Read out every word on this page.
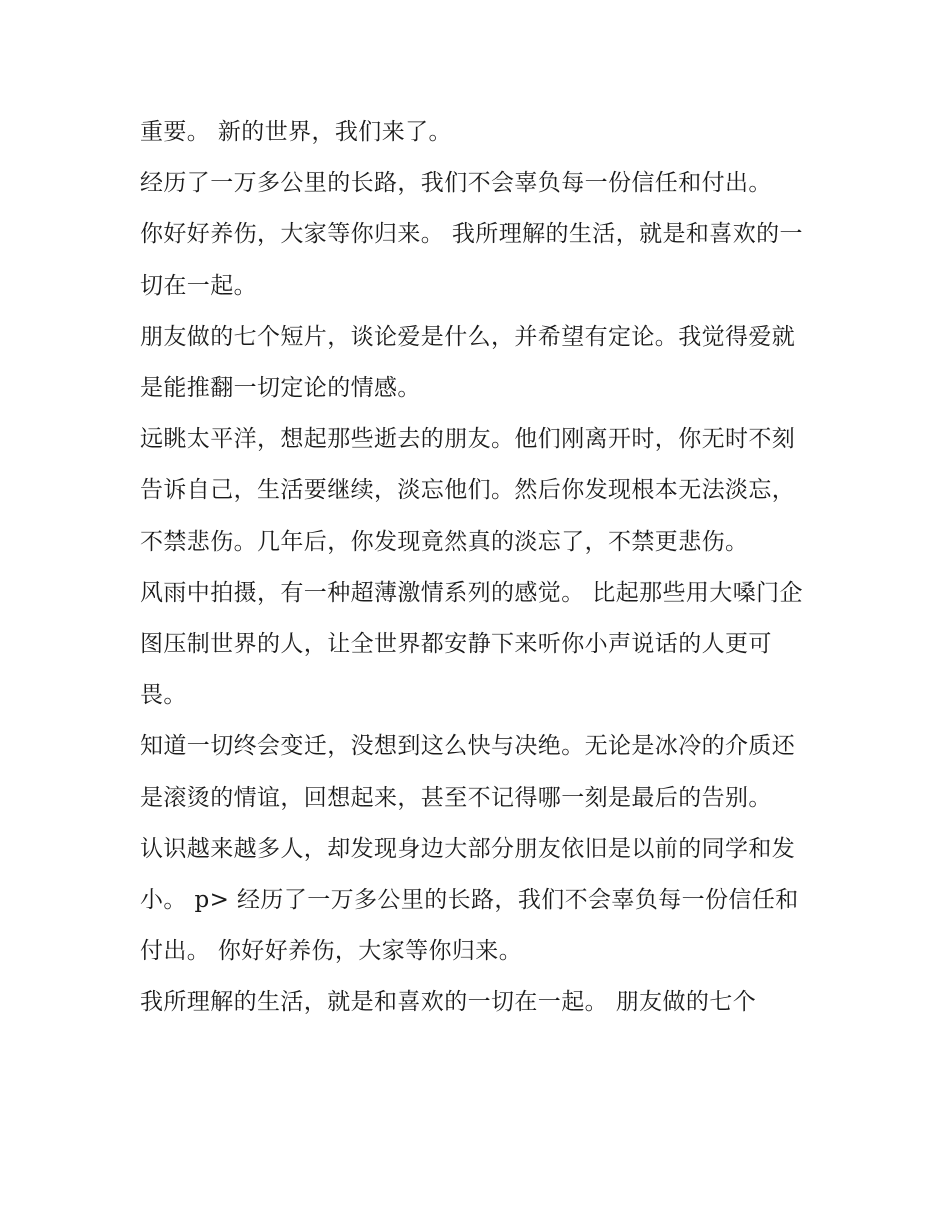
重要。 新的世界，我们来了。

经历了一万多公里的长路，我们不会辜负每一份信任和付出。

你好好养伤，大家等你归来。 我所理解的生活，就是和喜欢的一切在一起。

朋友做的七个短片，谈论爱是什么，并希望有定论。我觉得爱就是能推翻一切定论的情感。

远眺太平洋，想起那些逝去的朋友。他们刚离开时，你无时不刻告诉自己，生活要继续，淡忘他们。然后你发现根本无法淡忘，不禁悲伤。几年后，你发现竟然真的淡忘了，不禁更悲伤。

风雨中拍摄，有一种超薄激情系列的感觉。 比起那些用大嗓门企图压制世界的人，让全世界都安静下来听你小声说话的人更可畏。

知道一切终会变迁，没想到这么快与决绝。无论是冰冷的介质还是滚烫的情谊，回想起来，甚至不记得哪一刻是最后的告别。

认识越来越多人，却发现身边大部分朋友依旧是以前的同学和发小。 p> 经历了一万多公里的长路，我们不会辜负每一份信任和付出。 你好好养伤，大家等你归来。

我所理解的生活，就是和喜欢的一切在一起。 朋友做的七个
